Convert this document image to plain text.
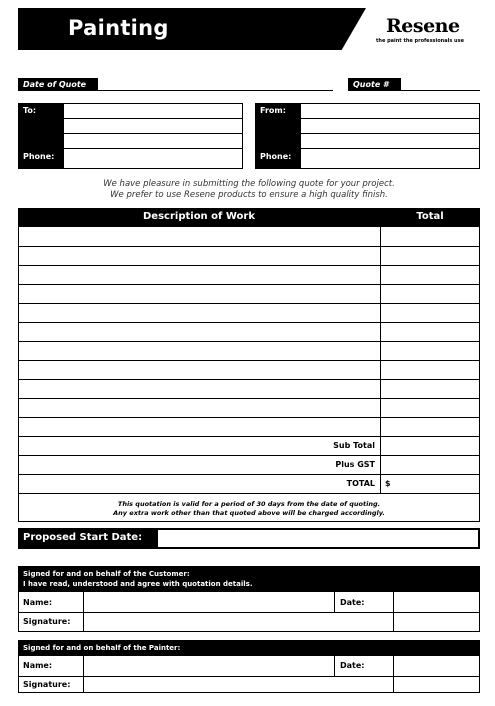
Painting	Resene
the paint the professionals use
Date of Quote	Quote #
To:
Phone:
From:
Phone:
We have pleasure in submitting the following quote for your project.
We prefer to use Resene products to ensure a high quality finish.
Description of Work	Total
Sub Total
Plus GST
TOTAL $
This quotation is valid for a period of 30 days from the date of quoting.
Any extra work other than that quoted above will be charged accordingly.
Proposed Start Date:
Signed for and on behalf of the Customer:
I have read, understood and agree with quotation details.
Name:	Date:
Signature:
Signed for and on behalf of the Painter:
Name:	Date:
Signature:
